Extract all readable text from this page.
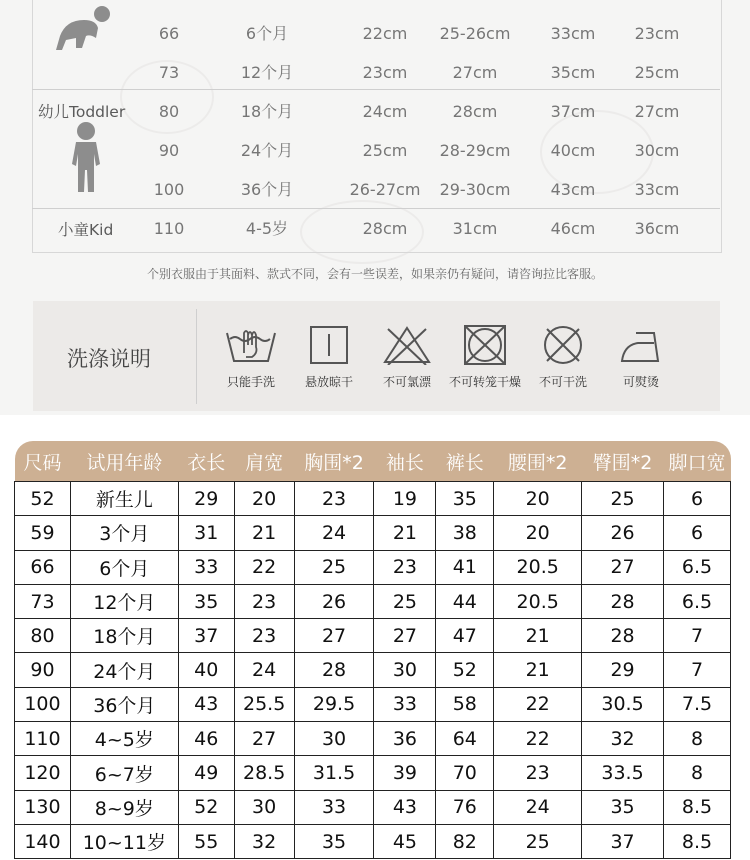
幼儿Toddler
小童Kid
66	6个月	22cm	25-26cm	33cm	23cm
73	12个月	23cm	27cm	35cm	25cm
80	18个月	24cm	28cm	37cm	27cm
90	24个月	25cm	28-29cm	40cm	30cm
100	36个月	26-27cm	29-30cm	43cm	33cm
110	4-5岁	28cm	31cm	46cm	36cm
个别衣服由于其面料、款式不同，会有一些误差，如果亲仍有疑问，请咨询拉比客服。
洗涤说明
只能手洗	悬放晾干	不可氯漂	不可转笼干燥	不可干洗	可熨烫
尺码	试用年龄	衣长	肩宽	胸围*2	袖长	裤长	腰围*2	臀围*2	脚口宽
52	新生儿	29	20	23	19	35	20	25	6
59	3个月	31	21	24	21	38	20	26	6
66	6个月	33	22	25	23	41	20.5	27	6.5
73	12个月	35	23	26	25	44	20.5	28	6.5
80	18个月	37	23	27	27	47	21	28	7
90	24个月	40	24	28	30	52	21	29	7
100	36个月	43	25.5	29.5	33	58	22	30.5	7.5
110	4~5岁	46	27	30	36	64	22	32	8
120	6~7岁	49	28.5	31.5	39	70	23	33.5	8
130	8~9岁	52	30	33	43	76	24	35	8.5
140	10~11岁	55	32	35	45	82	25	37	8.5
